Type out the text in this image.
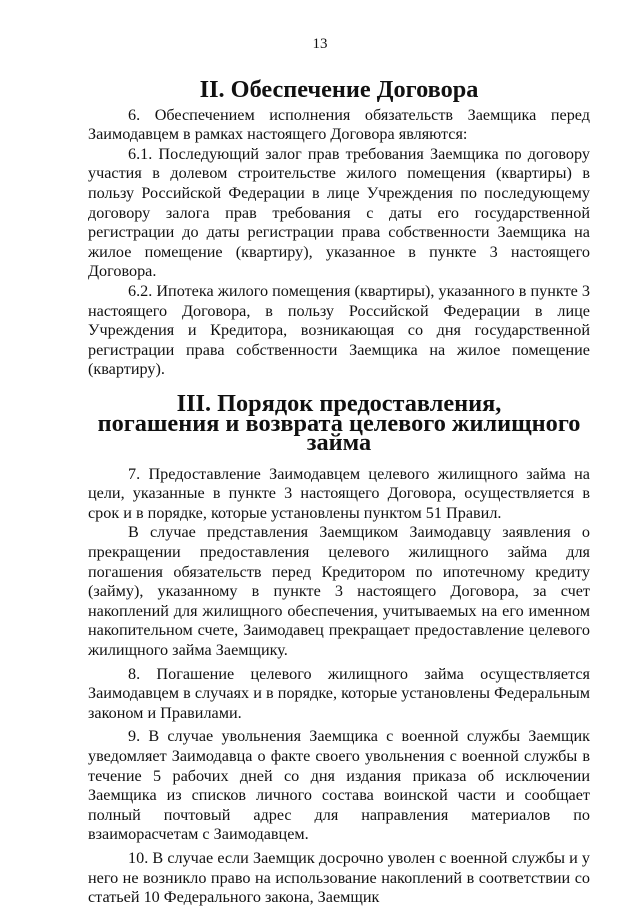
13
II. Обеспечение Договора

6. Обеспечением исполнения обязательств Заемщика перед Заимодавцем в рамках настоящего Договора являются:

6.1. Последующий залог прав требования Заемщика по договору участия в долевом строительстве жилого помещения (квартиры) в пользу Российской Федерации в лице Учреждения по последующему договору залога прав требования с даты его государственной регистрации до даты регистрации права собственности Заемщика на жилое помещение (квартиру), указанное в пункте 3 настоящего Договора.

6.2. Ипотека жилого помещения (квартиры), указанного в пункте 3 настоящего Договора, в пользу Российской Федерации в лице Учреждения и Кредитора, возникающая со дня государственной регистрации права собственности Заемщика на жилое помещение (квартиру).

III. Порядок предоставления,
погашения и возврата целевого жилищного займа

7. Предоставление Заимодавцем целевого жилищного займа на цели, указанные в пункте 3 настоящего Договора, осуществляется в срок и в порядке, которые установлены пунктом 51 Правил.

В случае представления Заемщиком Заимодавцу заявления о прекращении предоставления целевого жилищного займа для погашения обязательств перед Кредитором по ипотечному кредиту (займу), указанному в пункте 3 настоящего Договора, за счет накоплений для жилищного обеспечения, учитываемых на его именном накопительном счете, Заимодавец прекращает предоставление целевого жилищного займа Заемщику.

8. Погашение целевого жилищного займа осуществляется Заимодавцем в случаях и в порядке, которые установлены Федеральным законом и Правилами.

9. В случае увольнения Заемщика с военной службы Заемщик уведомляет Заимодавца о факте своего увольнения с военной службы в течение 5 рабочих дней со дня издания приказа об исключении Заемщика из списков личного состава воинской части и сообщает полный почтовый адрес для направления материалов по взаиморасчетам с Заимодавцем.

10. В случае если Заемщик досрочно уволен с военной службы и у него не возникло право на использование накоплений в соответствии со статьей 10 Федерального закона, Заемщик
